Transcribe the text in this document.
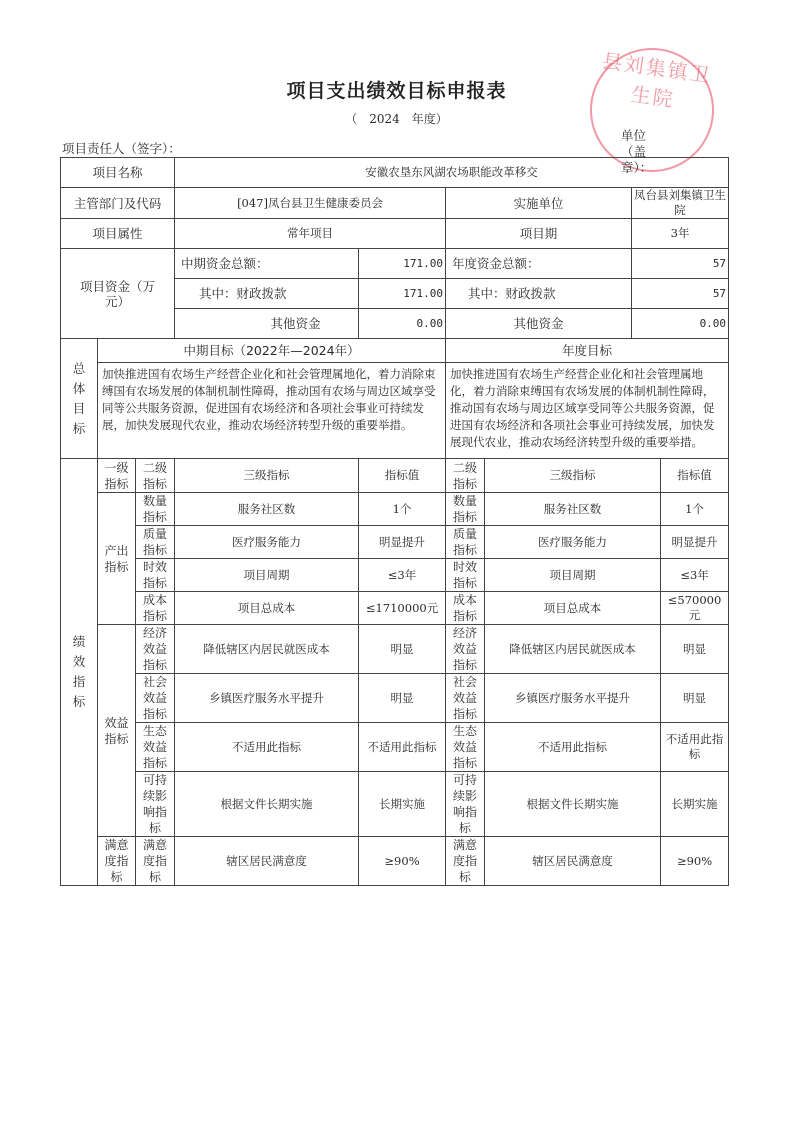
县刘集镇卫生院
项目支出绩效目标申报表
（　2024　年度）
项目责任人（签字）：
单位（盖章）：
项目名称			安徽农垦东风湖农场职能改革移交					
主管部门及代码			[047]凤台县卫生健康委员会		实施单位		凤台县刘集镇卫生院	
项目属性			常年项目		项目期		3年	
项目资金（万元）			中期资金总额：	171.00	年度资金总额：		57	
			其中：财政拨款	171.00	其中：财政拨款		57	
			其他资金	0.00	其他资金		0.00	
总体目标	中期目标（2022年—2024年）				年度目标			
	加快推进国有农场生产经营企业化和社会管理属地化，着力消除束缚国有农场发展的体制机制性障碍，推动国有农场与周边区域享受同等公共服务资源，促进国有农场经济和各项社会事业可持续发展，加快发展现代农业，推动农场经济转型升级的重要举措。				加快推进国有农场生产经营企业化和社会管理属地化，着力消除束缚国有农场发展的体制机制性障碍，推动国有农场与周边区域享受同等公共服务资源，促进国有农场经济和各项社会事业可持续发展，加快发展现代农业，推动农场经济转型升级的重要举措。			
绩效指标	一级指标	二级指标	三级指标	指标值	二级指标	三级指标		指标值
	产出指标	数量指标	服务社区数	1个	数量指标	服务社区数		1个
		质量指标	医疗服务能力	明显提升	质量指标	医疗服务能力		明显提升
		时效指标	项目周期	≤3年	时效指标	项目周期		≤3年
		成本指标	项目总成本	≤1710000元	成本指标	项目总成本		≤570000元
	效益指标	经济效益指标	降低辖区内居民就医成本	明显	经济效益指标	降低辖区内居民就医成本		明显
		社会效益指标	乡镇医疗服务水平提升	明显	社会效益指标	乡镇医疗服务水平提升		明显
		生态效益指标	不适用此指标	不适用此指标	生态效益指标	不适用此指标		不适用此指标
		可持续影响指标	根据文件长期实施	长期实施	可持续影响指标	根据文件长期实施		长期实施
	满意度指标	满意度指标	辖区居民满意度	≥90%	满意度指标	辖区居民满意度		≥90%
